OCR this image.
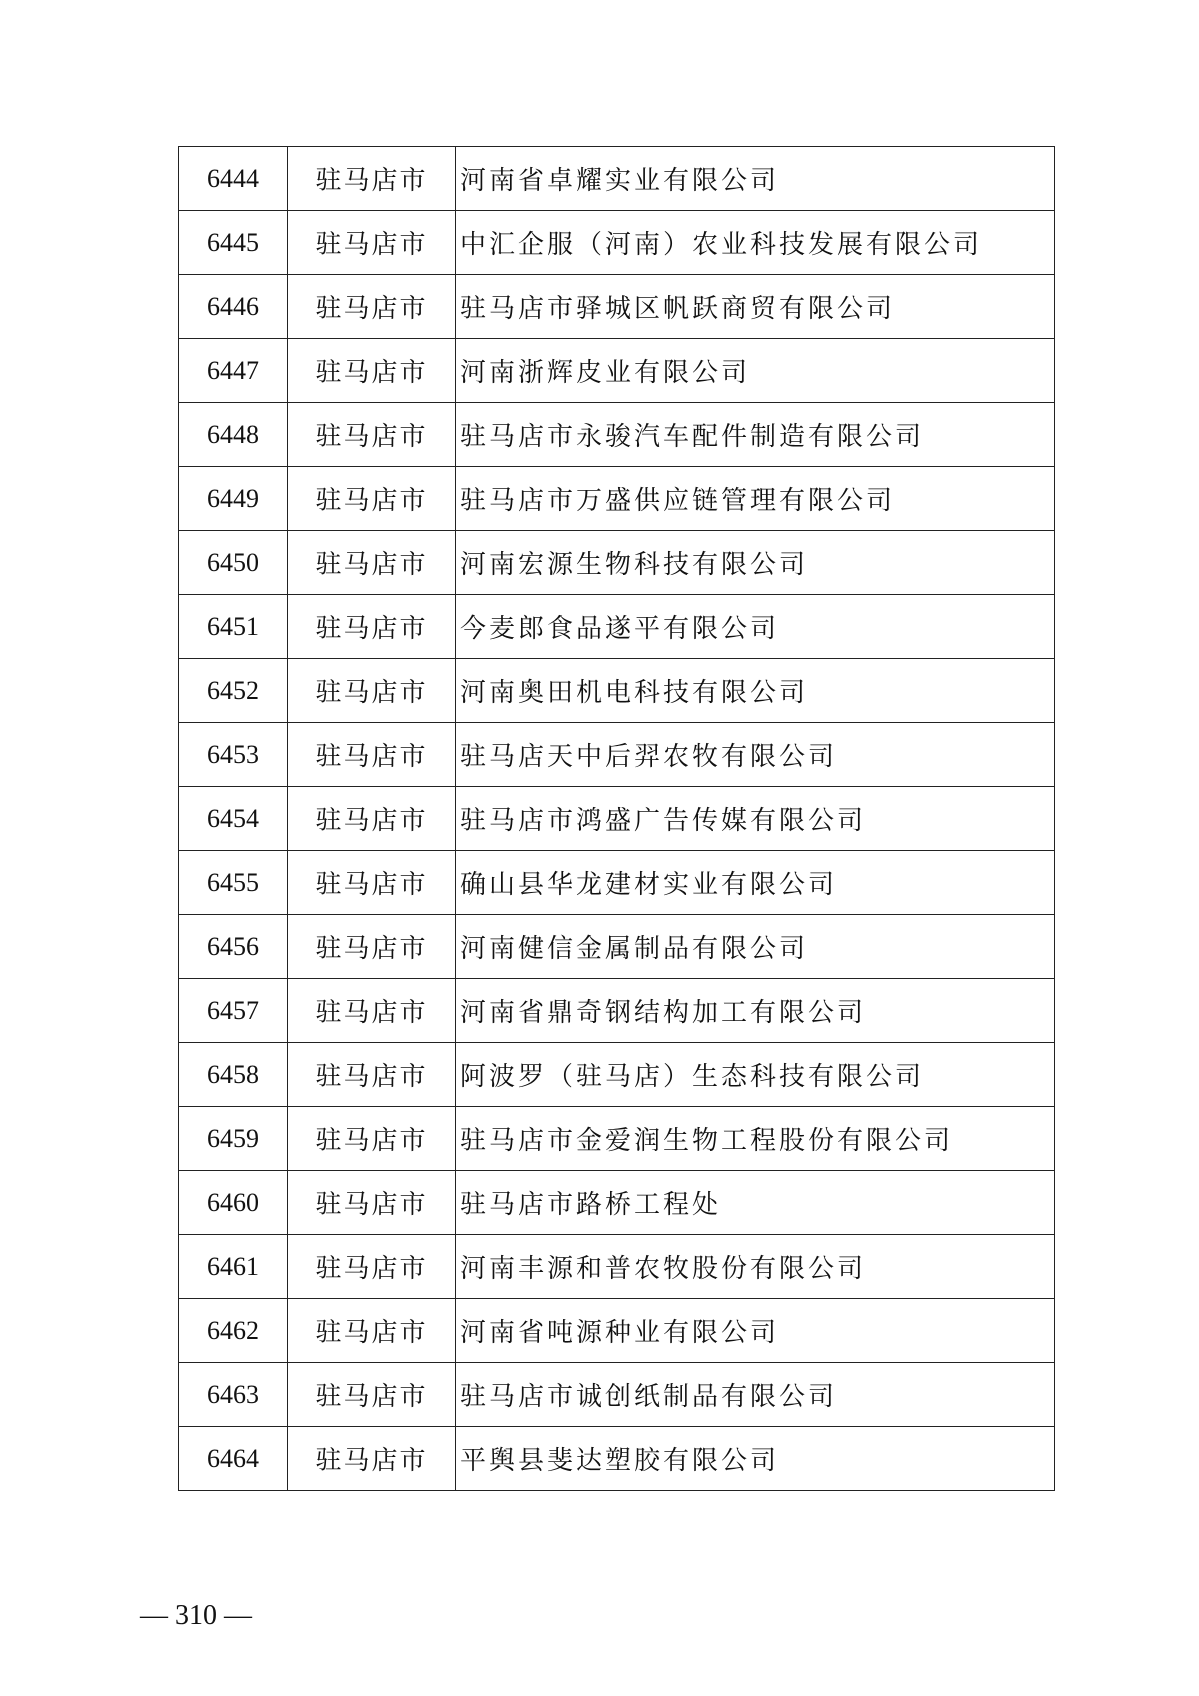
6444	驻马店市	河南省卓耀实业有限公司
6445	驻马店市	中汇企服（河南）农业科技发展有限公司
6446	驻马店市	驻马店市驿城区帆跃商贸有限公司
6447	驻马店市	河南浙辉皮业有限公司
6448	驻马店市	驻马店市永骏汽车配件制造有限公司
6449	驻马店市	驻马店市万盛供应链管理有限公司
6450	驻马店市	河南宏源生物科技有限公司
6451	驻马店市	今麦郎食品遂平有限公司
6452	驻马店市	河南奥田机电科技有限公司
6453	驻马店市	驻马店天中后羿农牧有限公司
6454	驻马店市	驻马店市鸿盛广告传媒有限公司
6455	驻马店市	确山县华龙建材实业有限公司
6456	驻马店市	河南健信金属制品有限公司
6457	驻马店市	河南省鼎奇钢结构加工有限公司
6458	驻马店市	阿波罗（驻马店）生态科技有限公司
6459	驻马店市	驻马店市金爱润生物工程股份有限公司
6460	驻马店市	驻马店市路桥工程处
6461	驻马店市	河南丰源和普农牧股份有限公司
6462	驻马店市	河南省吨源种业有限公司
6463	驻马店市	驻马店市诚创纸制品有限公司
6464	驻马店市	平舆县斐达塑胶有限公司
— 310 —
